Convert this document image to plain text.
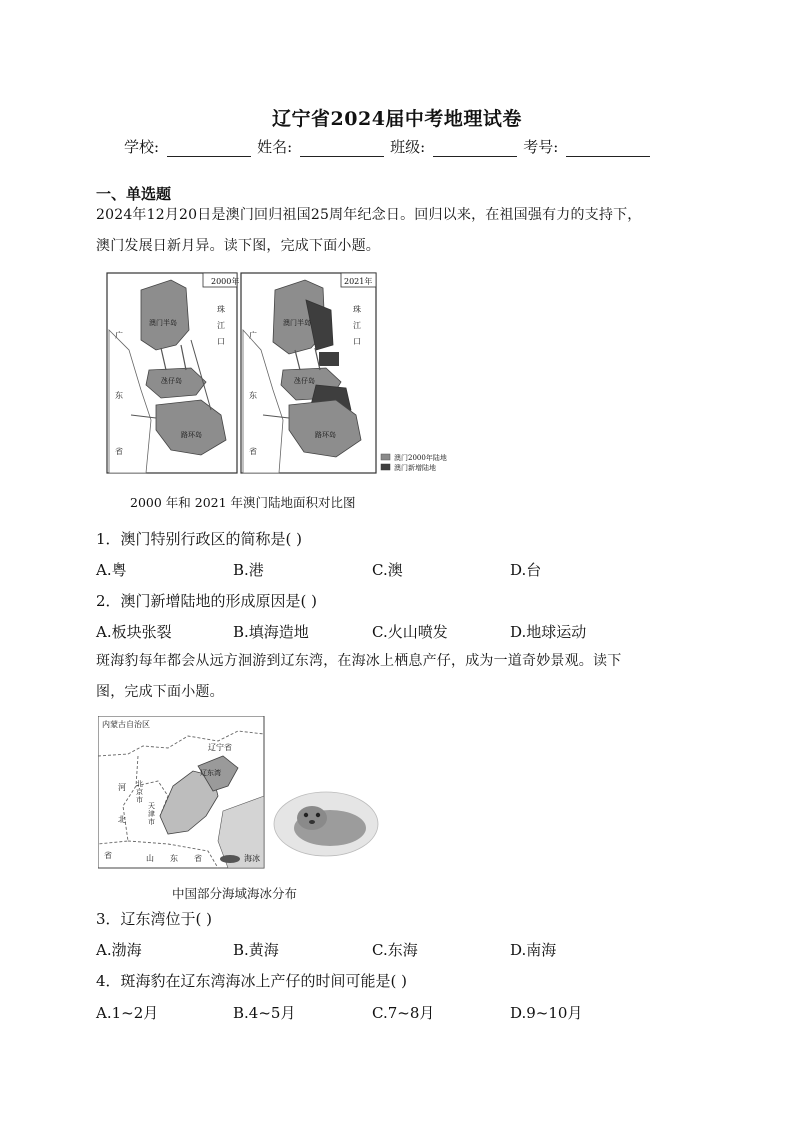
辽宁省2024届中考地理试卷
学校:	姓名:	班级:	考号:
一、单选题
2024年12月20日是澳门回归祖国25周年纪念日。回归以来，在祖国强有力的支持下，
澳门发展日新月异。读下图，完成下面小题。
2000年	2021年
澳门半岛	澳门半岛
氹仔岛	氹仔岛
路环岛	路环岛
广
东
省
广
东
省
珠
江
口
珠
江
口
澳门2000年陆地
澳门新增陆地
2000 年和 2021 年澳门陆地面积对比图
1．澳门特别行政区的简称是( )
A.粤	B.港	C.澳	D.台
2．澳门新增陆地的形成原因是( )
A.板块张裂	B.填海造地	C.火山喷发	D.地球运动
斑海豹每年都会从远方洄游到辽东湾，在海冰上栖息产仔，成为一道奇妙景观。读下
图，完成下面小题。
内蒙古自治区
辽宁省
河
北
省
北京市
天津市
辽东湾
山 东 省	海冰
中国部分海域海冰分布
3．辽东湾位于( )
A.渤海	B.黄海	C.东海	D.南海
4．斑海豹在辽东湾海冰上产仔的时间可能是( )
A.1~2月	B.4~5月	C.7~8月	D.9~10月
